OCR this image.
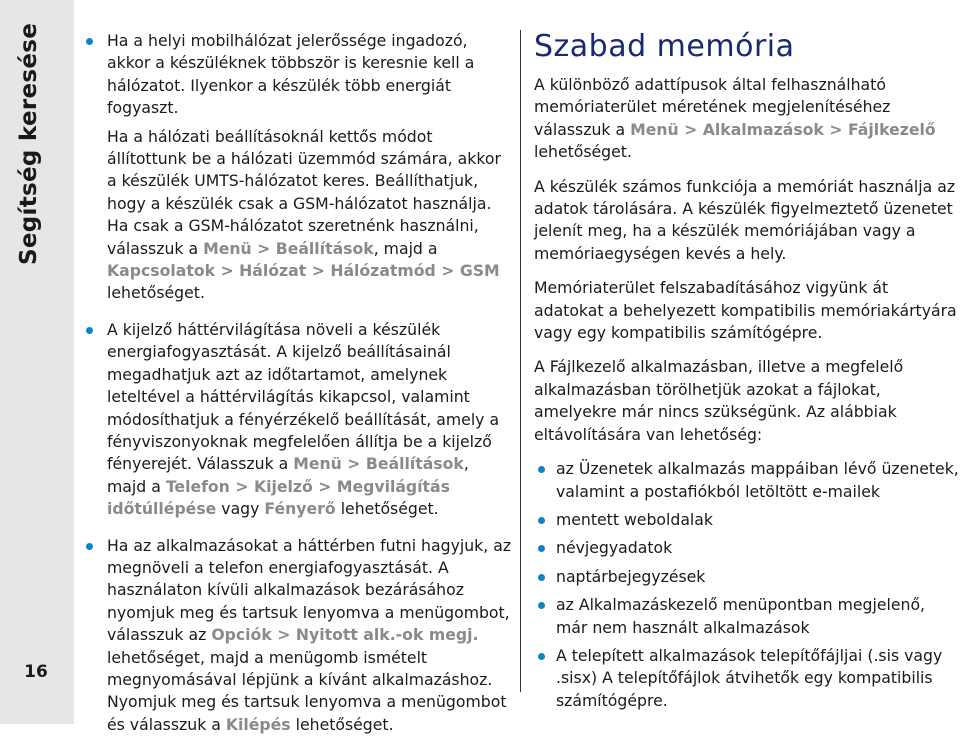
Segítség keresése
16
Ha a helyi mobilhálózat jelerőssége ingadozó, akkor a készüléknek többször is keresnie kell a hálózatot. Ilyenkor a készülék több energiát fogyaszt.
Ha a hálózati beállításoknál kettős módot állítottunk be a hálózati üzemmód számára, akkor a készülék UMTS-hálózatot keres. Beállíthatjuk, hogy a készülék csak a GSM-hálózatot használja. Ha csak a GSM-hálózatot szeretnénk használni, válasszuk a Menü > Beállítások, majd a Kapcsolatok > Hálózat > Hálózatmód > GSM lehetőséget.
A kijelző háttérvilágítása növeli a készülék energiafogyasztását. A kijelző beállításainál megadhatjuk azt az időtartamot, amelynek leteltével a háttérvilágítás kikapcsol, valamint módosíthatjuk a fényérzékelő beállítását, amely a fényviszonyoknak megfelelően állítja be a kijelző fényerejét. Válasszuk a Menü > Beállítások, majd a Telefon > Kijelző > Megvilágítás időtúllépése vagy Fényerő lehetőséget.
Ha az alkalmazásokat a háttérben futni hagyjuk, az megnöveli a telefon energiafogyasztását. A használaton kívüli alkalmazások bezárásához nyomjuk meg és tartsuk lenyomva a menügombot, válasszuk az Opciók > Nyitott alk.-ok megj. lehetőséget, majd a menügomb ismételt megnyomásával lépjünk a kívánt alkalmazáshoz. Nyomjuk meg és tartsuk lenyomva a menügombot és válasszuk a Kilépés lehetőséget.
Szabad memória

A különböző adattípusok által felhasználható memóriaterület méretének megjelenítéséhez válasszuk a Menü > Alkalmazások > Fájlkezelő lehetőséget.

A készülék számos funkciója a memóriát használja az adatok tárolására. A készülék figyelmeztető üzenetet jelenít meg, ha a készülék memóriájában vagy a memóriaegységen kevés a hely.

Memóriaterület felszabadításához vigyünk át adatokat a behelyezett kompatibilis memóriakártyára vagy egy kompatibilis számítógépre.

A Fájlkezelő alkalmazásban, illetve a megfelelő alkalmazásban törölhetjük azokat a fájlokat, amelyekre már nincs szükségünk. Az alábbiak eltávolítására van lehetőség:

az Üzenetek alkalmazás mappáiban lévő üzenetek, valamint a postafiókból letöltött e-mailek
mentett weboldalak
névjegyadatok
naptárbejegyzések
az Alkalmazáskezelő menüpontban megjelenő, már nem használt alkalmazások
A telepített alkalmazások telepítőfájljai (.sis vagy .sisx) A telepítőfájlok átvihetők egy kompatibilis számítógépre.
